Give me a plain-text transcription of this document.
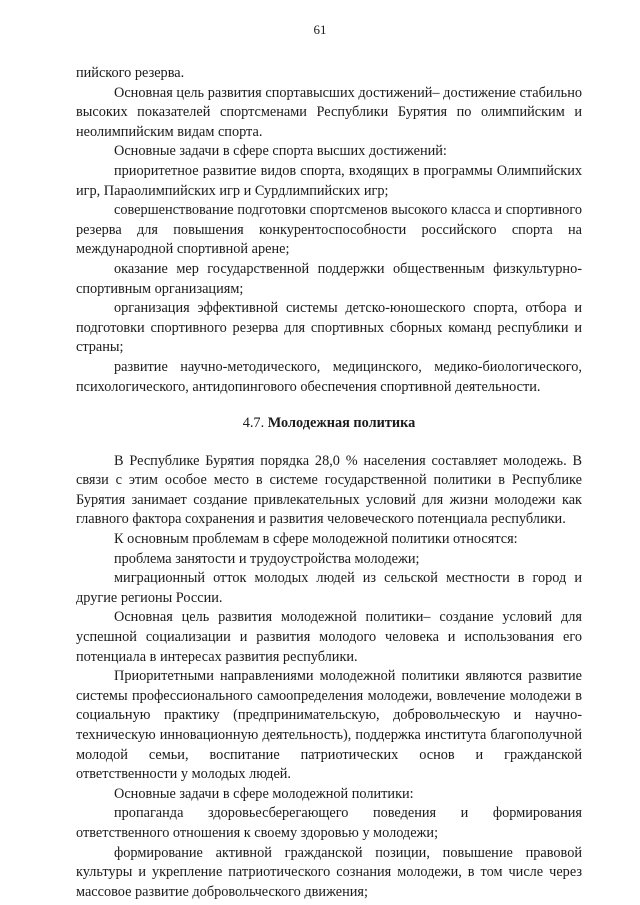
61

пийского резерва.

Основная цель развития спортавысших достижений– достижение стабильно высоких показателей спортсменами Республики Бурятия по олимпийским и неолимпийским видам спорта.

Основные задачи в сфере спорта высших достижений:

приоритетное развитие видов спорта, входящих в программы Олимпийских игр, Параолимпийских игр и Сурдлимпийских игр;

совершенствование подготовки спортсменов высокого класса и спортивного резерва для повышения конкурентоспособности российского спорта на международной спортивной арене;

оказание мер государственной поддержки общественным физкультурно-спортивным организациям;

организация эффективной системы детско-юношеского спорта, отбора и подготовки спортивного резерва для спортивных сборных команд республики и страны;

развитие научно-методического, медицинского, медико-биологического, психологического, антидопингового обеспечения спортивной деятельности.

4.7. Молодежная политика

В Республике Бурятия порядка 28,0 % населения составляет молодежь. В связи с этим особое место в системе государственной политики в Республике Бурятия занимает создание привлекательных условий для жизни молодежи как главного фактора сохранения и развития человеческого потенциала республики.

К основным проблемам в сфере молодежной политики относятся:

проблема занятости и трудоустройства молодежи;

миграционный отток молодых людей из сельской местности в город и другие регионы России.

Основная цель развития молодежной политики– создание условий для успешной социализации и развития молодого человека и использования его потенциала в интересах развития республики.

Приоритетными направлениями молодежной политики являются развитие системы профессионального самоопределения молодежи, вовлечение молодежи в социальную практику (предпринимательскую, добровольческую и научно-техническую инновационную деятельность), поддержка института благополучной молодой семьи, воспитание патриотических основ и гражданской ответственности у молодых людей.

Основные задачи в сфере молодежной политики:

пропаганда здоровьесберегающего поведения и формирования ответственного отношения к своему здоровью у молодежи;

формирование активной гражданской позиции, повышение правовой культуры и укрепление патриотического сознания молодежи, в том числе через массовое развитие добровольческого движения;
